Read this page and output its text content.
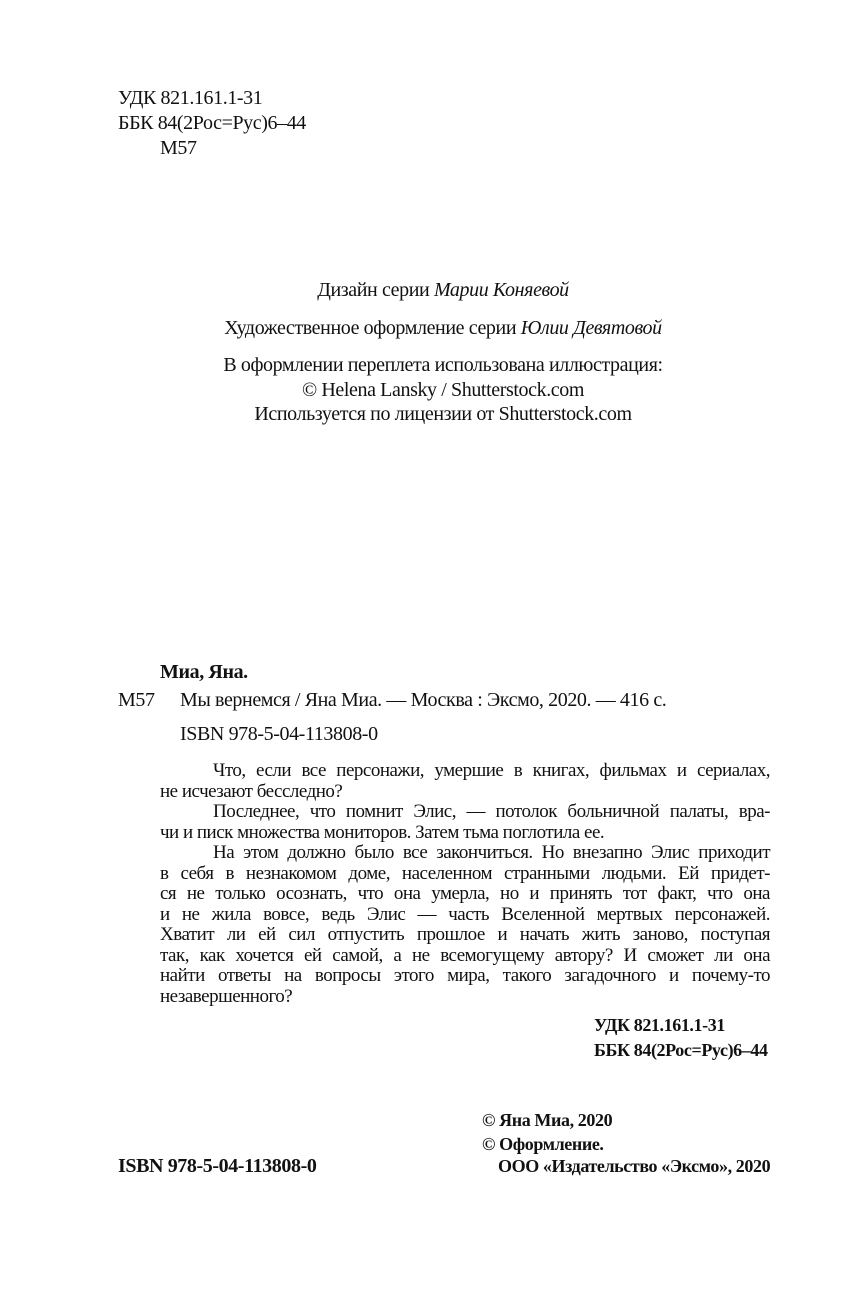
УДК 821.161.1-31
ББК 84(2Рос=Рус)6–44
М57
Дизайн серии Марии Коняевой
Художественное оформление серии Юлии Девятовой
В оформлении переплета использована иллюстрация:
© Helena Lansky / Shutterstock.com
Используется по лицензии от Shutterstock.com
Миа, Яна.
М57 Мы вернемся / Яна Миа. — Москва : Эксмо, 2020. — 416 с.
ISBN 978-5-04-113808-0
Что, если все персонажи, умершие в книгах, фильмах и сериалах,
не исчезают бесследно?
Последнее, что помнит Элис, — потолок больничной палаты, вра-
чи и писк множества мониторов. Затем тьма поглотила ее.
На этом должно было все закончиться. Но внезапно Элис приходит
в себя в незнакомом доме, населенном странными людьми. Ей придет-
ся не только осознать, что она умерла, но и принять тот факт, что она
и не жила вовсе, ведь Элис — часть Вселенной мертвых персонажей.
Хватит ли ей сил отпустить прошлое и начать жить заново, поступая
так, как хочется ей самой, а не всемогущему автору? И сможет ли она
найти ответы на вопросы этого мира, такого загадочного и почему-то
незавершенного?
УДК 821.161.1-31
ББК 84(2Рос=Рус)6–44
© Яна Миа, 2020
© Оформление.
ООО «Издательство «Эксмо», 2020
ISBN 978-5-04-113808-0
